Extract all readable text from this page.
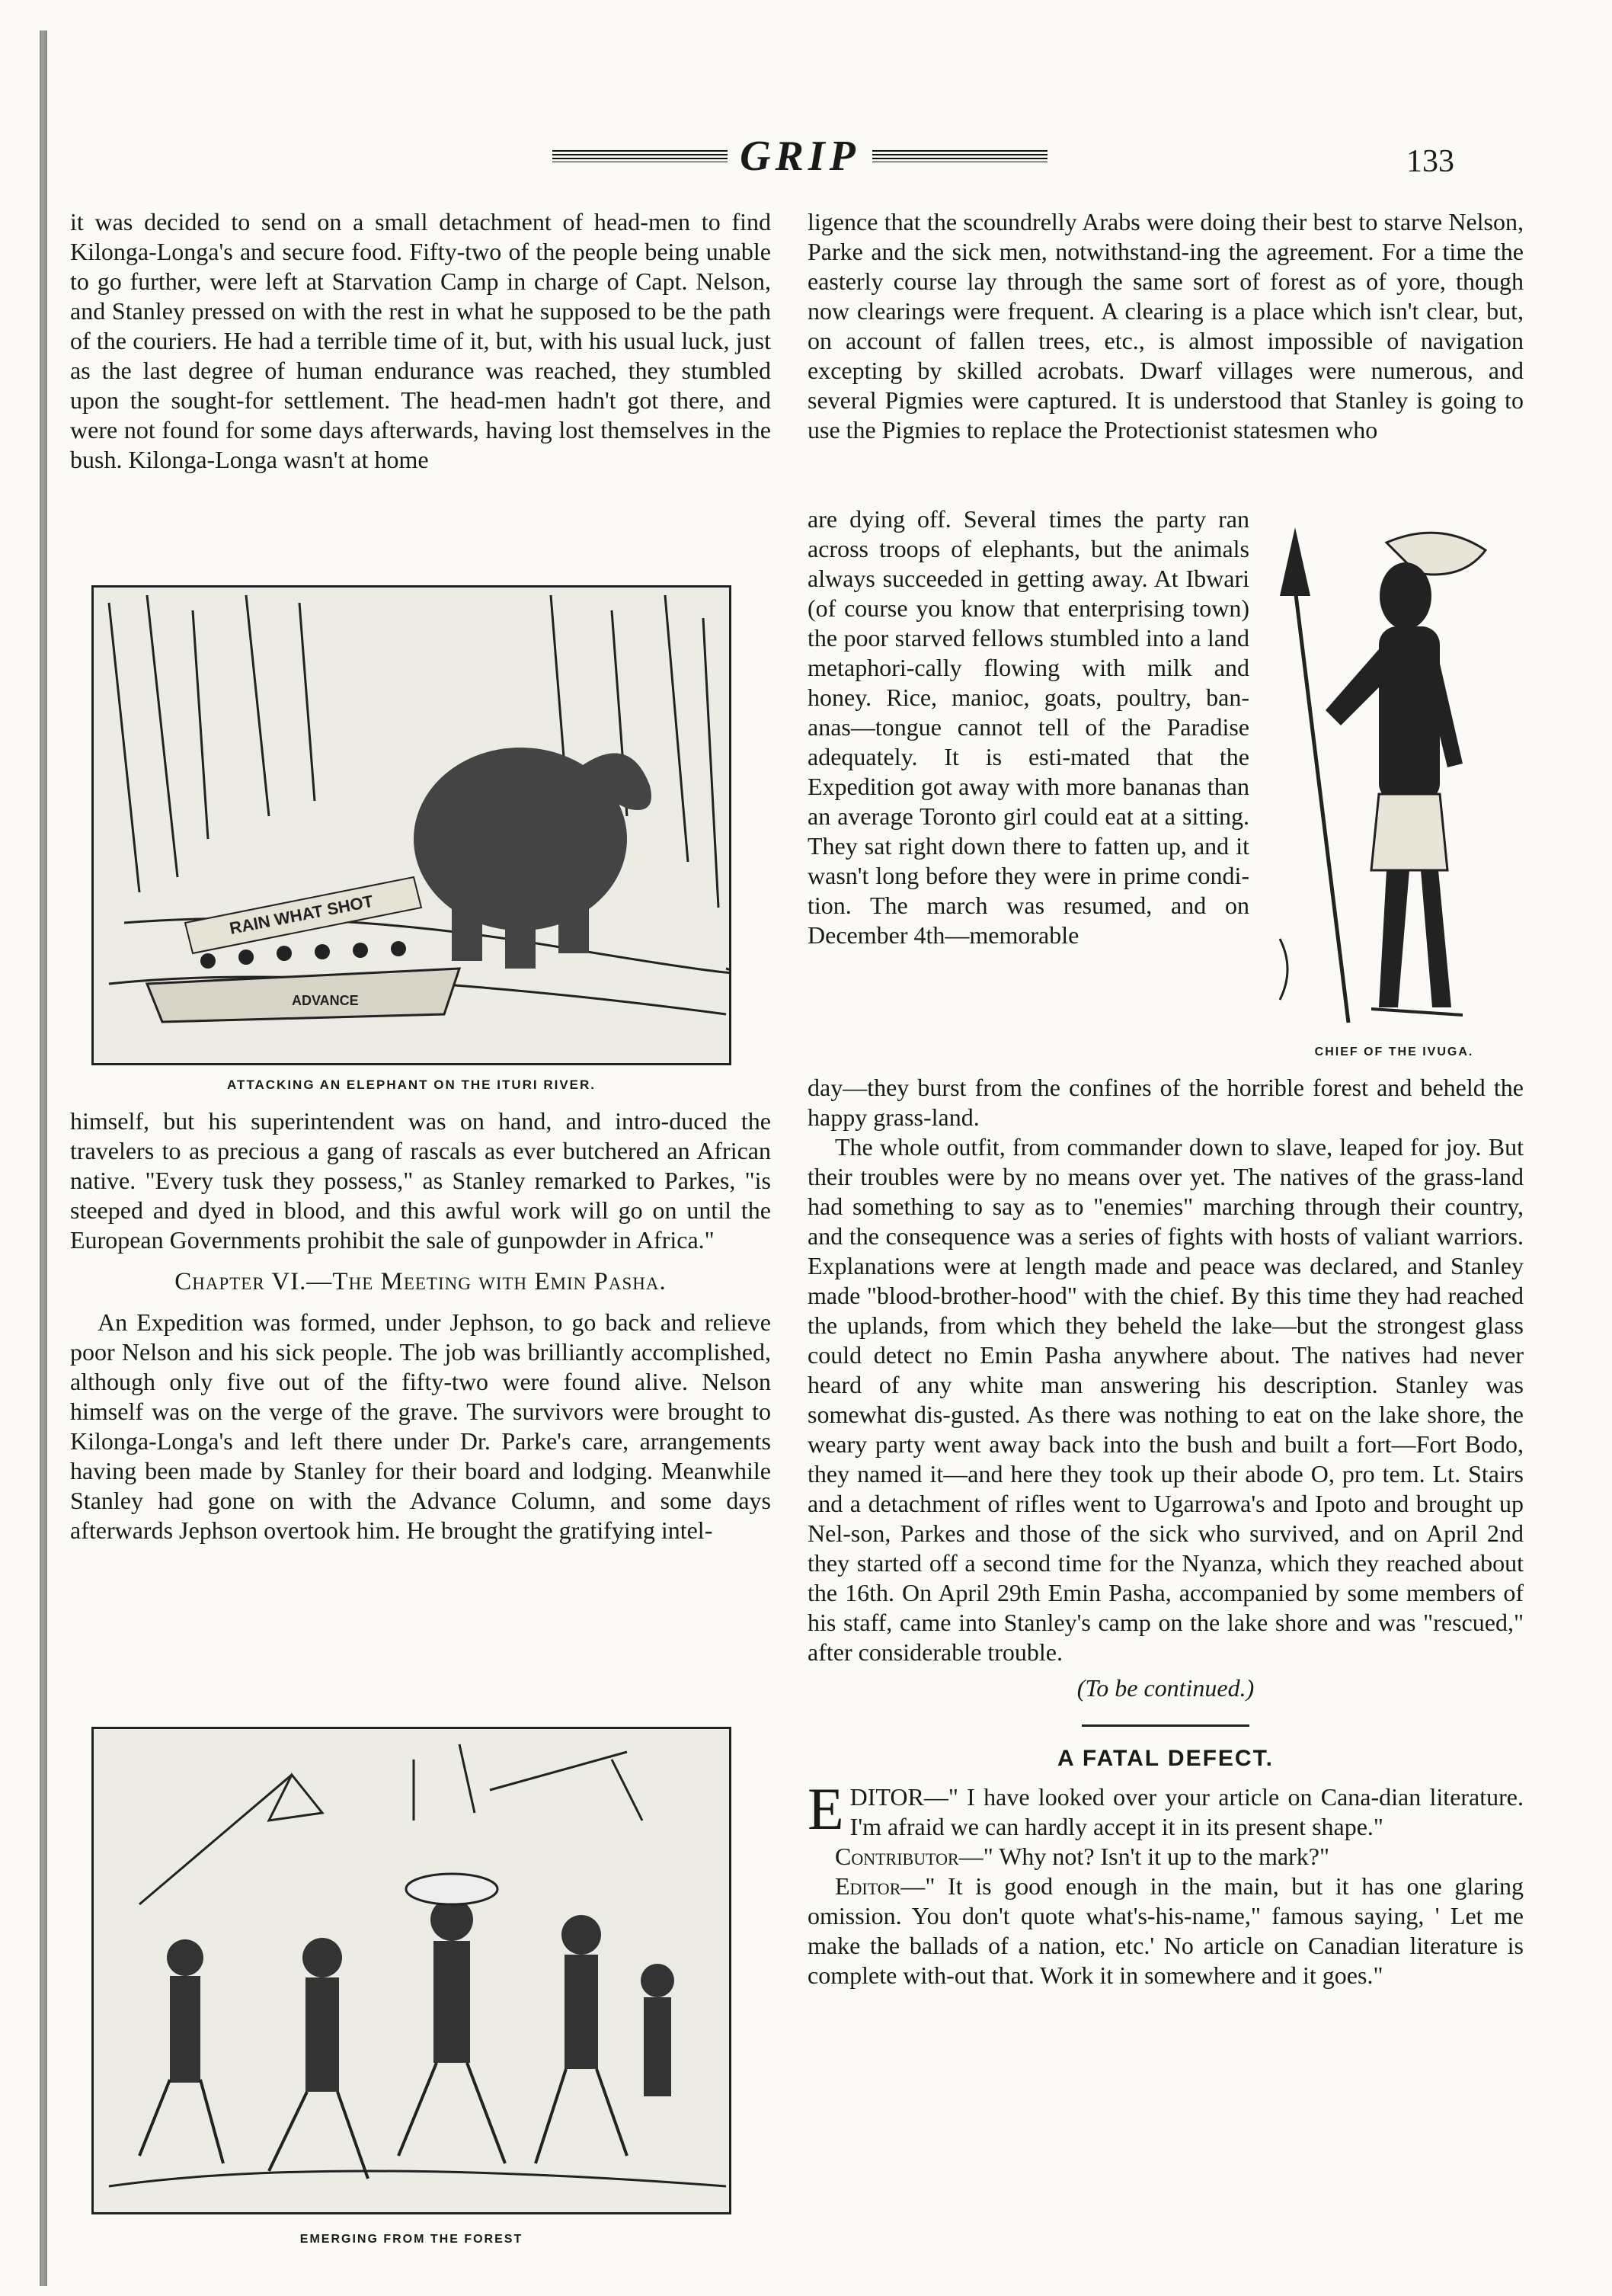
GRIP	133

it was decided to send on a small detachment of head-men to find Kilonga-Longa's and secure food. Fifty-two of the people being unable to go further, were left at Starvation Camp in charge of Capt. Nelson, and Stanley pressed on with the rest in what he supposed to be the path of the couriers. He had a terrible time of it, but, with his usual luck, just as the last degree of human endurance was reached, they stumbled upon the sought-for settlement. The head-men hadn't got there, and were not found for some days afterwards, having lost themselves in the bush. Kilonga-Longa wasn't at home

RAIN WHAT SHOT
ADVANCE
ATTACKING AN ELEPHANT ON THE ITURI RIVER.

himself, but his superintendent was on hand, and intro-duced the travelers to as precious a gang of rascals as ever butchered an African native. "Every tusk they possess," as Stanley remarked to Parkes, "is steeped and dyed in blood, and this awful work will go on until the European Governments prohibit the sale of gunpowder in Africa."

Chapter VI.—The Meeting with Emin Pasha.

An Expedition was formed, under Jephson, to go back and relieve poor Nelson and his sick people. The job was brilliantly accomplished, although only five out of the fifty-two were found alive. Nelson himself was on the verge of the grave. The survivors were brought to Kilonga-Longa's and left there under Dr. Parke's care, arrangements having been made by Stanley for their board and lodging. Meanwhile Stanley had gone on with the Advance Column, and some days afterwards Jephson overtook him. He brought the gratifying intel-

EMERGING FROM THE FOREST

ligence that the scoundrelly Arabs were doing their best to starve Nelson, Parke and the sick men, notwithstand-ing the agreement. For a time the easterly course lay through the same sort of forest as of yore, though now clearings were frequent. A clearing is a place which isn't clear, but, on account of fallen trees, etc., is almost impossible of navigation excepting by skilled acrobats. Dwarf villages were numerous, and several Pigmies were captured. It is understood that Stanley is going to use the Pigmies to replace the Protectionist statesmen who

are dying off. Several times the party ran across troops of elephants, but the animals always succeeded in getting away. At Ibwari (of course you know that enterprising town) the poor starved fellows stumbled into a land metaphori-cally flowing with milk and honey. Rice, manioc, goats, poultry, ban-anas—tongue cannot tell of the Paradise adequately. It is esti-mated that the Expedition got away with more bananas than an average Toronto girl could eat at a sitting. They sat right down there to fatten up, and it wasn't long before they were in prime condi-tion. The march was resumed, and on December 4th—memorable

CHIEF OF THE IVUGA.

day—they burst from the confines of the horrible forest and beheld the happy grass-land.

The whole outfit, from commander down to slave, leaped for joy. But their troubles were by no means over yet. The natives of the grass-land had something to say as to "enemies" marching through their country, and the consequence was a series of fights with hosts of valiant warriors. Explanations were at length made and peace was declared, and Stanley made "blood-brother-hood" with the chief. By this time they had reached the uplands, from which they beheld the lake—but the strongest glass could detect no Emin Pasha anywhere about. The natives had never heard of any white man answering his description. Stanley was somewhat dis-gusted. As there was nothing to eat on the lake shore, the weary party went away back into the bush and built a fort—Fort Bodo, they named it—and here they took up their abode O, pro tem. Lt. Stairs and a detachment of rifles went to Ugarrowa's and Ipoto and brought up Nel-son, Parkes and those of the sick who survived, and on April 2nd they started off a second time for the Nyanza, which they reached about the 16th. On April 29th Emin Pasha, accompanied by some members of his staff, came into Stanley's camp on the lake shore and was "rescued," after considerable trouble.

(To be continued.)
A FATAL DEFECT.

EDITOR—" I have looked over your article on Cana-dian literature. I'm afraid we can hardly accept it in its present shape."

Contributor—" Why not? Isn't it up to the mark?"

Editor—" It is good enough in the main, but it has one glaring omission. You don't quote what's-his-name," famous saying, ' Let me make the ballads of a nation, etc.' No article on Canadian literature is complete with-out that. Work it in somewhere and it goes."
